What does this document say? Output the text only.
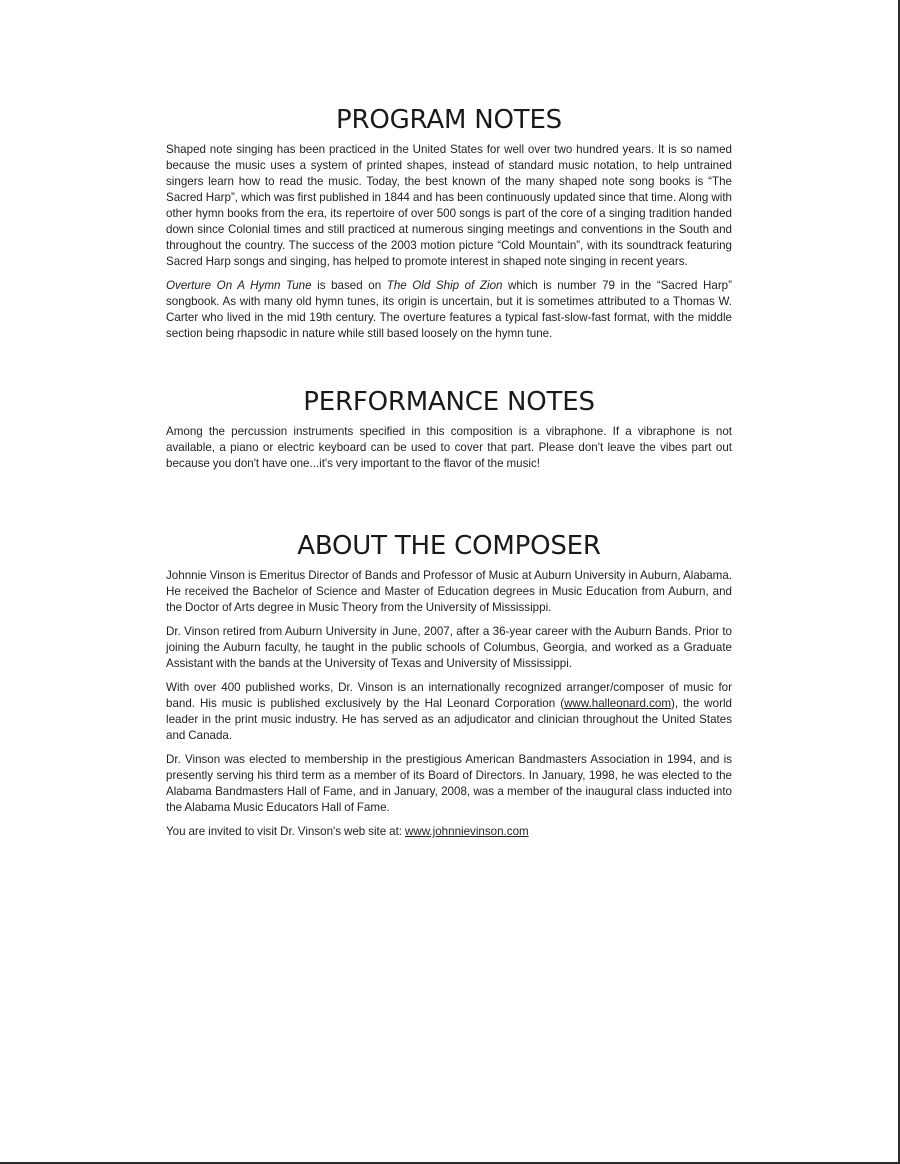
PROGRAM NOTES

Shaped note singing has been practiced in the United States for well over two hundred years. It is so named because the music uses a system of printed shapes, instead of standard music notation, to help untrained singers learn how to read the music. Today, the best known of the many shaped note song books is “The Sacred Harp”, which was first published in 1844 and has been continuously updated since that time. Along with other hymn books from the era, its repertoire of over 500 songs is part of the core of a singing tradition handed down since Colonial times and still practiced at numerous singing meetings and conventions in the South and throughout the country. The success of the 2003 motion picture “Cold Mountain”, with its soundtrack featuring Sacred Harp songs and singing, has helped to promote interest in shaped note singing in recent years.

Overture On A Hymn Tune is based on The Old Ship of Zion which is number 79 in the “Sacred Harp” songbook. As with many old hymn tunes, its origin is uncertain, but it is sometimes attributed to a Thomas W. Carter who lived in the mid 19th century. The overture features a typical fast-slow-fast format, with the middle section being rhapsodic in nature while still based loosely on the hymn tune.

PERFORMANCE NOTES

Among the percussion instruments specified in this composition is a vibraphone. If a vibraphone is not available, a piano or electric keyboard can be used to cover that part. Please don't leave the vibes part out because you don't have one...it's very important to the flavor of the music!

ABOUT THE COMPOSER

Johnnie Vinson is Emeritus Director of Bands and Professor of Music at Auburn University in Auburn, Alabama. He received the Bachelor of Science and Master of Education degrees in Music Education from Auburn, and the Doctor of Arts degree in Music Theory from the University of Mississippi.

Dr. Vinson retired from Auburn University in June, 2007, after a 36-year career with the Auburn Bands. Prior to joining the Auburn faculty, he taught in the public schools of Columbus, Georgia, and worked as a Graduate Assistant with the bands at the University of Texas and University of Mississippi.

With over 400 published works, Dr. Vinson is an internationally recognized arranger/composer of music for band. His music is published exclusively by the Hal Leonard Corporation (www.halleonard.com), the world leader in the print music industry. He has served as an adjudicator and clinician throughout the United States and Canada.

Dr. Vinson was elected to membership in the prestigious American Bandmasters Association in 1994, and is presently serving his third term as a member of its Board of Directors. In January, 1998, he was elected to the Alabama Bandmasters Hall of Fame, and in January, 2008, was a member of the inaugural class inducted into the Alabama Music Educators Hall of Fame.

You are invited to visit Dr. Vinson's web site at: www.johnnievinson.com
